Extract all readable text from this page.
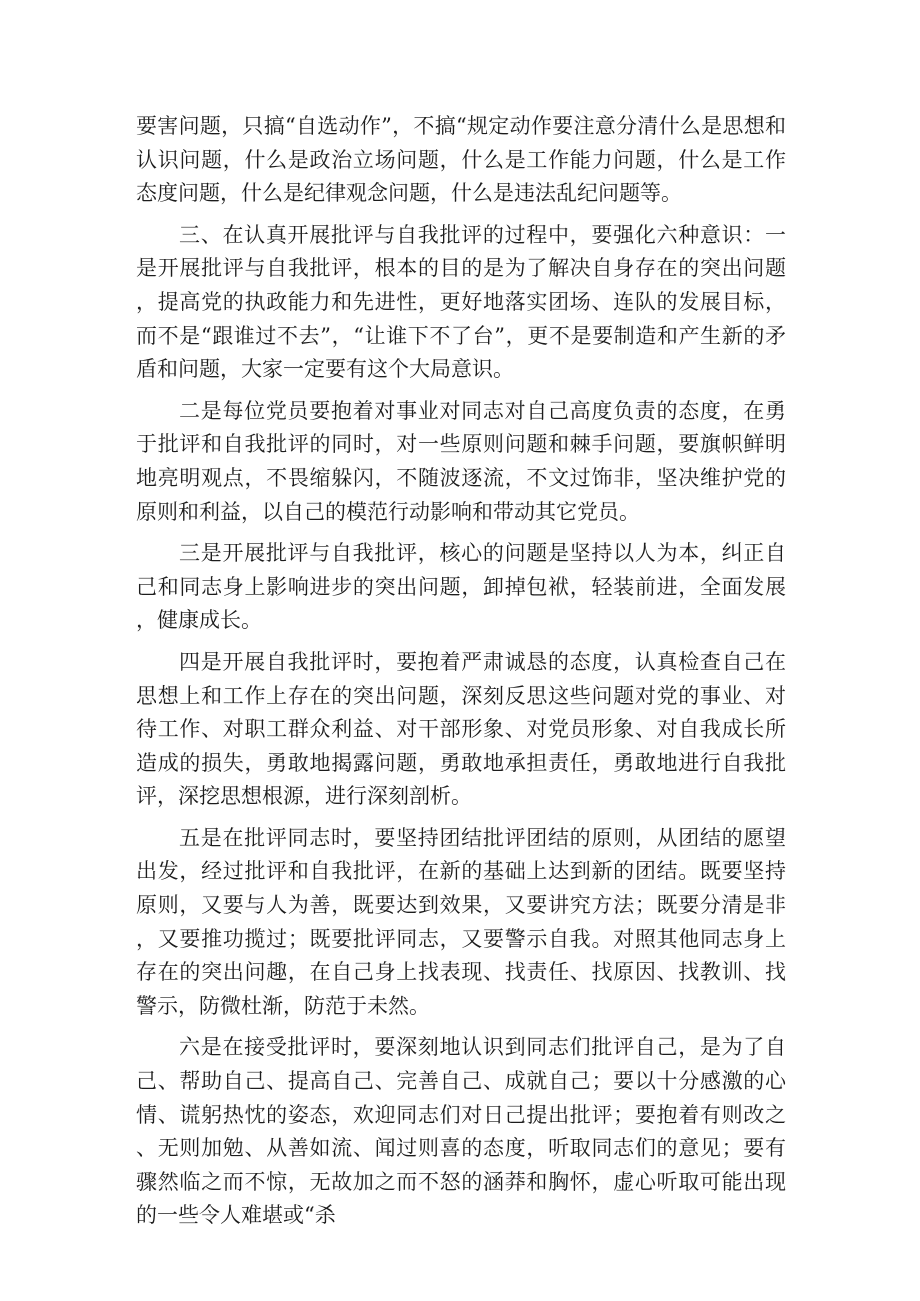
要害问题，只搞“自选动作”，不搞“规定动作要注意分清什么是思想和认识问题，什么是政治立场问题，什么是工作能力问题，什么是工作态度问题，什么是纪律观念问题，什么是违法乱纪问题等。

三、在认真开展批评与自我批评的过程中，要强化六种意识：一是开展批评与自我批评，根本的目的是为了解决自身存在的突出问题，提高党的执政能力和先进性，更好地落实团场、连队的发展目标，而不是“跟谁过不去”，“让谁下不了台”，更不是要制造和产生新的矛盾和问题，大家一定要有这个大局意识。

二是每位党员要抱着对事业对同志对自己高度负责的态度，在勇于批评和自我批评的同时，对一些原则问题和棘手问题，要旗帜鲜明地亮明观点，不畏缩躲闪，不随波逐流，不文过饰非，坚决维护党的原则和利益，以自己的模范行动影响和带动其它党员。

三是开展批评与自我批评，核心的问题是坚持以人为本，纠正自己和同志身上影响进步的突出问题，卸掉包袱，轻装前进，全面发展，健康成长。

四是开展自我批评时，要抱着严肃诚恳的态度，认真检查自己在思想上和工作上存在的突出问题，深刻反思这些问题对党的事业、对待工作、对职工群众利益、对干部形象、对党员形象、对自我成长所造成的损失，勇敢地揭露问题，勇敢地承担责任，勇敢地进行自我批评，深挖思想根源，进行深刻剖析。

五是在批评同志时，要坚持团结批评团结的原则，从团结的愿望出发，经过批评和自我批评，在新的基础上达到新的团结。既要坚持原则，又要与人为善，既要达到效果，又要讲究方法；既要分清是非，又要推功揽过；既要批评同志，又要警示自我。对照其他同志身上存在的突出问趣，在自己身上找表现、找责任、找原因、找教训、找警示，防微杜渐，防范于未然。

六是在接受批评时，要深刻地认识到同志们批评自己，是为了自己、帮助自己、提高自己、完善自己、成就自己；要以十分感激的心情、谎躬热忱的姿态，欢迎同志们对日己提出批评；要抱着有则改之、无则加勉、从善如流、闻过则喜的态度，听取同志们的意见；要有骤然临之而不惊，无故加之而不怒的涵莽和胸怀，虚心听取可能出现的一些令人难堪或“杀
